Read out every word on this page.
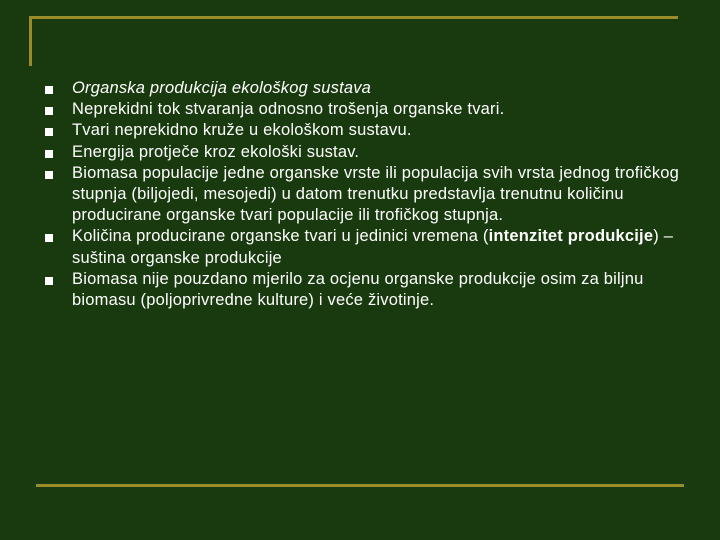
Organska produkcija ekološkog sustava
Neprekidni tok stvaranja odnosno trošenja organske tvari.
Tvari neprekidno kruže u ekološkom sustavu.
Energija protječe kroz ekološki sustav.
Biomasa populacije jedne organske vrste ili populacija svih vrsta jednog trofičkog stupnja (biljojedi, mesojedi) u datom trenutku predstavlja trenutnu količinu producirane organske tvari populacije ili trofičkog stupnja.
Količina producirane organske tvari u jedinici vremena (intenzitet produkcije) – suština organske produkcije
Biomasa nije pouzdano mjerilo za ocjenu organske produkcije osim za biljnu biomasu (poljoprivredne kulture) i veće životinje.
